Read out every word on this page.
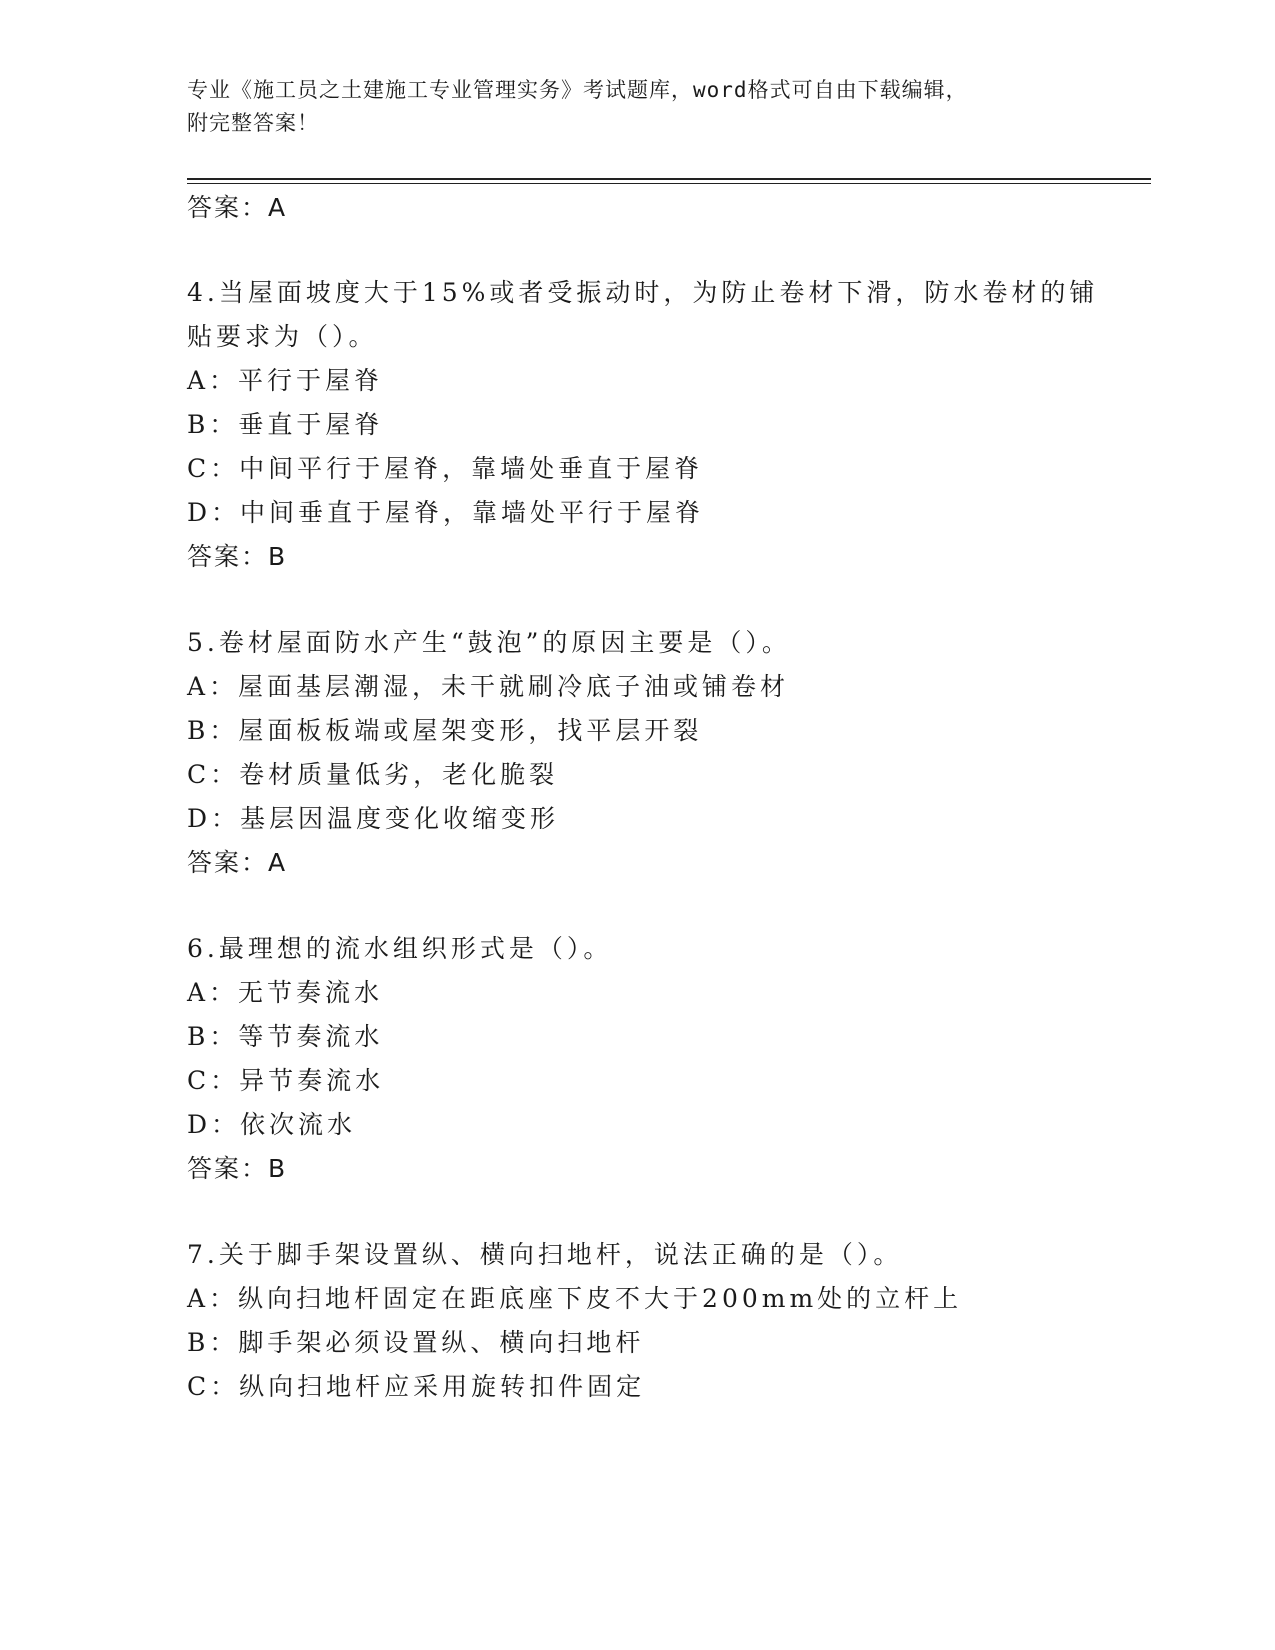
专业《施工员之土建施工专业管理实务》考试题库，word格式可自由下载编辑，
附完整答案！
答案：A
4.当屋面坡度大于15%或者受振动时，为防止卷材下滑，防水卷材的铺
贴要求为（）。
A：平行于屋脊
B：垂直于屋脊
C：中间平行于屋脊，靠墙处垂直于屋脊
D：中间垂直于屋脊，靠墙处平行于屋脊
答案：B
5.卷材屋面防水产生“鼓泡”的原因主要是（）。
A：屋面基层潮湿，未干就刷冷底子油或铺卷材
B：屋面板板端或屋架变形，找平层开裂
C：卷材质量低劣，老化脆裂
D：基层因温度变化收缩变形
答案：A
6.最理想的流水组织形式是（）。
A：无节奏流水
B：等节奏流水
C：异节奏流水
D：依次流水
答案：B
7.关于脚手架设置纵、横向扫地杆，说法正确的是（）。
A：纵向扫地杆固定在距底座下皮不大于200mm处的立杆上
B：脚手架必须设置纵、横向扫地杆
C：纵向扫地杆应采用旋转扣件固定
